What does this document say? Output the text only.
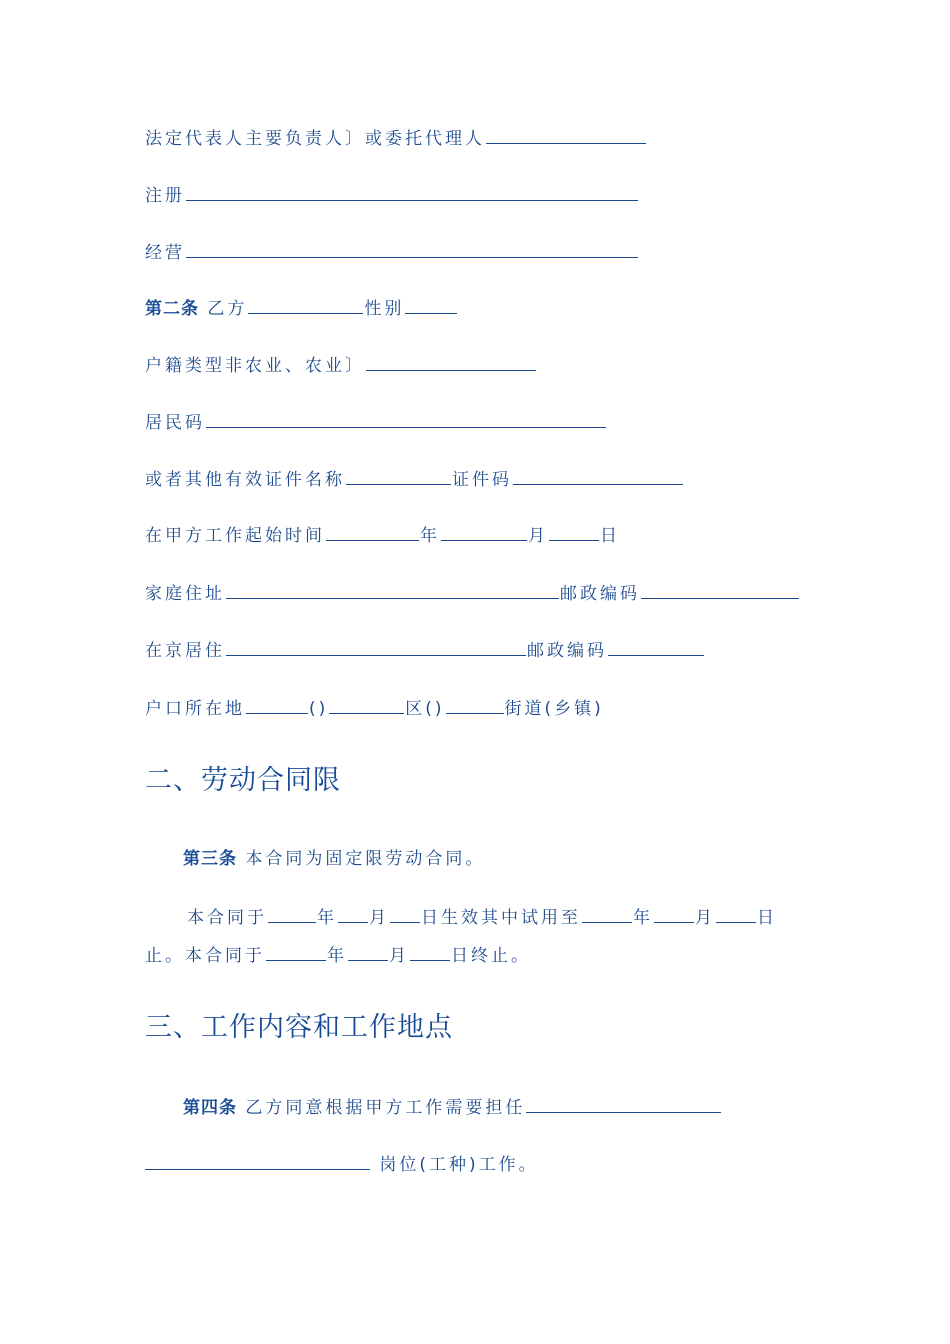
法定代表人主要负责人〕或委托代理人
注册
经营
第二条 乙方	性别
户籍类型非农业、农业〕
居民码
或者其他有效证件名称	证件码
在甲方工作起始时间	年	月	日
家庭住址	邮政编码
在京居住	邮政编码
户口所在地	()	区()	街道(乡镇)
二、劳动合同限
第三条 本合同为固定限劳动合同。
本合同于	年 月 日生效其中试用至	年 月 日
止。本合同于	年 月 日终止。
三、工作内容和工作地点
第四条 乙方同意根据甲方工作需要担任
岗位(工种)工作。
